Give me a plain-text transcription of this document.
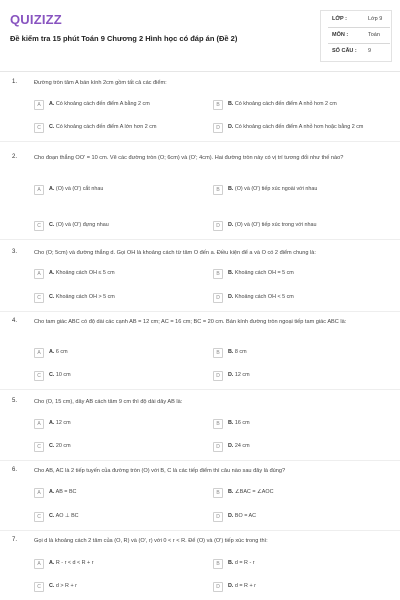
QUIZIZZ
Đề kiểm tra 15 phút Toán 9 Chương 2 Hình học có đáp án (Đề 2)
LỚP :	Lớp 9
MÔN :	Toán
SỐ CÂU : 9
1.	Đường tròn tâm A bán kính 2cm gồm tất cả các điểm:
A	A. Có khoảng cách đến điểm A bằng 2 cm	B	B. Có khoảng cách đến điểm A nhỏ hơn 2 cm
C	C. Có khoảng cách đến điểm A lớn hơn 2 cm	D	D. Có khoảng cách đến điểm A nhỏ hơn hoặc bằng 2 cm
2.	Cho đoạn thẳng OO' = 10 cm. Vẽ các đường tròn (O; 6cm) và (O'; 4cm). Hai đường tròn này có vị trí tương đối như thế nào?
A	A. (O) và (O') cắt nhau	B	B. (O) và (O') tiếp xúc ngoài với nhau
C	C. (O) và (O') đựng nhau	D	D. (O) và (O') tiếp xúc trong với nhau
3.	Cho (O; 5cm) và đường thẳng d. Gọi OH là khoảng cách từ tâm O đến a. Điều kiện để a và O có 2 điểm chung là:
A	A. Khoảng cách OH ≤ 5 cm	B	B. Khoảng cách OH = 5 cm
C	C. Khoảng cách OH > 5 cm	D	D. Khoảng cách OH < 5 cm
4.	Cho tam giác ABC có độ dài các cạnh AB = 12 cm; AC = 16 cm; BC = 20 cm. Bán kính đường tròn ngoại tiếp tam giác ABC là:
A	A. 6 cm	B	B. 8 cm
C	C. 10 cm	D	D. 12 cm
5.	Cho (O, 15 cm), dây AB cách tâm 9 cm thì độ dài dây AB là:
A	A. 12 cm	B	B. 16 cm
C	C. 20 cm	D	D. 24 cm
6.	Cho AB, AC là 2 tiếp tuyến của đường tròn (O) với B, C là các tiếp điểm thì câu nào sau đây là đúng?
A	A. AB = BC	B	B. ∠BAC = ∠AOC
C	C. AO ⊥ BC	D	D. BO = AC
7.	Gọi d là khoảng cách 2 tâm của (O, R) và (O', r) với 0 < r < R. Để (O) và (O') tiếp xúc trong thì:
A	A. R - r < d < R + r	B	B. d = R - r
C	C. d > R + r	D	D. d = R + r
